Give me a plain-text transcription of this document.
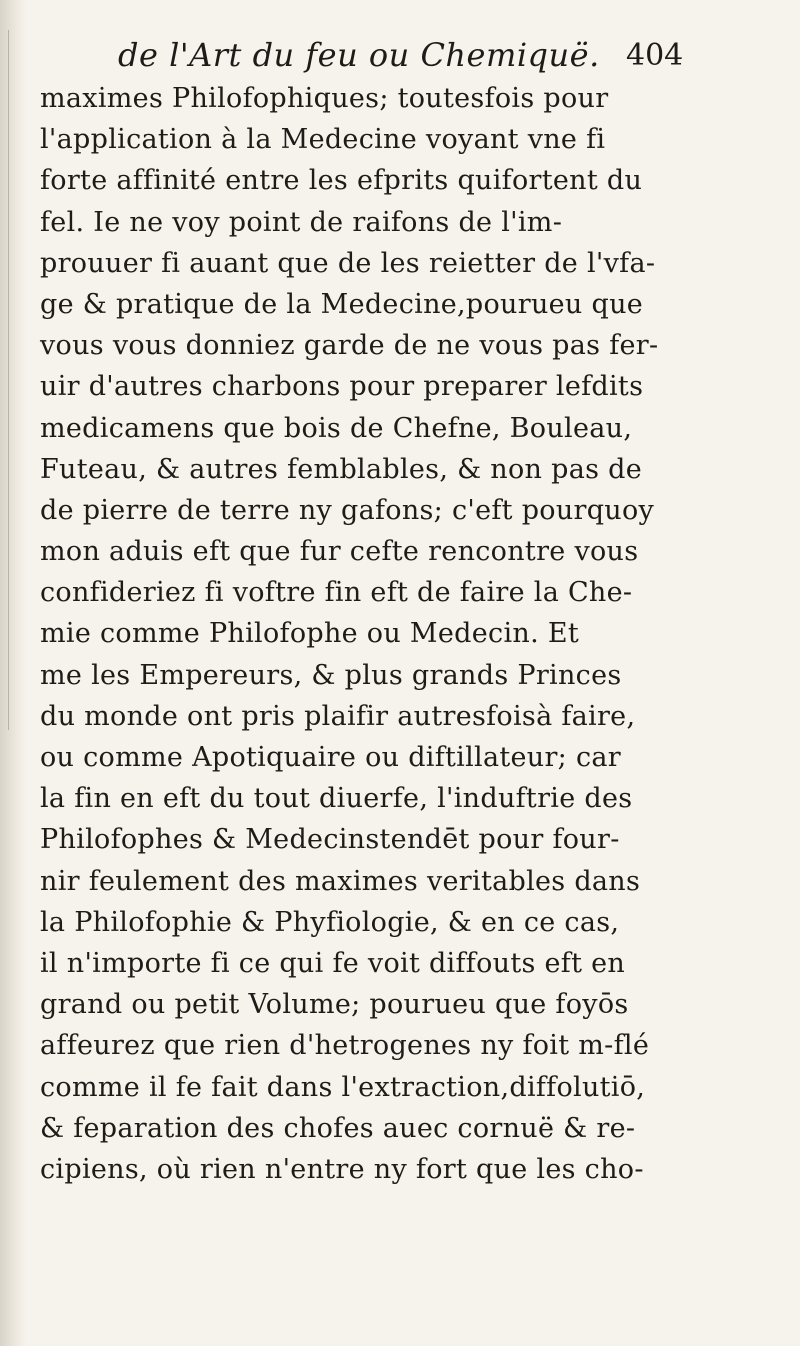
de l'Art du feu ou Chemiquë. 404
maximes Philofophiques; toutesfois pour
l'application à la Medecine voyant vne fi
forte affinité entre les efprits quifortent du
fel. Ie ne voy point de raifons de l'im-
prouuer fi auant que de les reietter de l'vfa-
ge & pratique de la Medecine,pourueu que
vous vous donniez garde de ne vous pas fer-
uir d'autres charbons pour preparer lefdits
medicamens que bois de Chefne, Bouleau,
Futeau, & autres femblables, & non pas de
de pierre de terre ny gafons; c'eft pourquoy
mon aduis eft que fur cefte rencontre vous
confideriez fi voftre fin eft de faire la Che-
mie comme Philofophe ou Medecin. Et
me les Empereurs, & plus grands Princes
du monde ont pris plaifir autresfoisà faire,
ou comme Apotiquaire ou diftillateur; car
la fin en eft du tout diuerfe, l'induftrie des
Philofophes & Medecinstendēt pour four-
nir feulement des maximes veritables dans
la Philofophie & Phyfiologie, & en ce cas,
il n'importe fi ce qui fe voit diffouts eft en
grand ou petit Volume; pourueu que foyōs
affeurez que rien d'hetrogenes ny foit m-flé
comme il fe fait dans l'extraction,diffolutiō,
& feparation des chofes auec cornuë & re-
cipiens, où rien n'entre ny fort que les cho-
